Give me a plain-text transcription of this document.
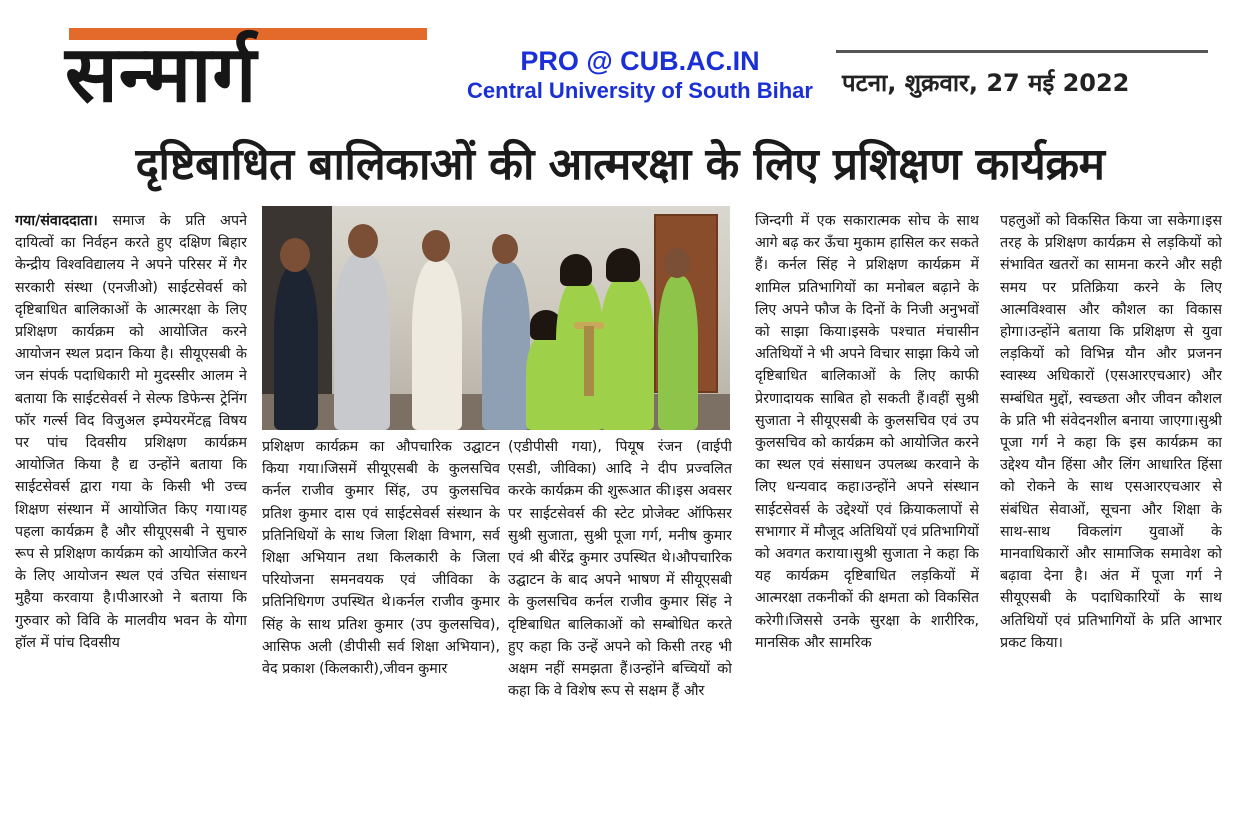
सन्मार्ग	PRO @ CUB.AC.IN
Central University of South Bihar	पटना, शुक्रवार, 27 मई 2022
दृष्टिबाधित बालिकाओं की आत्मरक्षा के लिए प्रशिक्षण कार्यक्रम

गया/संवाददाता। समाज के प्रति अपने दायित्वों का निर्वहन करते हुए दक्षिण बिहार केन्द्रीय विश्वविद्यालय ने अपने परिसर में गैर सरकारी संस्था (एनजीओ) साईटसेवर्स को दृष्टिबाधित बालिकाओं के आत्मरक्षा के लिए प्रशिक्षण कार्यक्रम को आयोजित करने आयोजन स्थल प्रदान किया है। सीयूएसबी के जन संपर्क पदाधिकारी मो मुदस्सीर आलम ने बताया कि साईटसेवर्स ने सेल्फ डिफेन्स ट्रेनिंग फॉर गर्ल्स विद विजुअल इम्पेयरमेंटह्व विषय पर पांच दिवसीय प्रशिक्षण कार्यक्रम आयोजित किया है द्य उन्होंने बताया कि साईटसेवर्स द्वारा गया के किसी भी उच्च शिक्षण संस्थान में आयोजित किए गया।यह पहला कार्यक्रम है और सीयूएसबी ने सुचारु रूप से प्रशिक्षण कार्यक्रम को आयोजित करने के लिए आयोजन स्थल एवं उचित संसाधन मुहैया करवाया है।पीआरओ ने बताया कि गुरुवार को विवि के मालवीय भवन के योगा हॉल में पांच दिवसीय

प्रशिक्षण कार्यक्रम का औपचारिक उद्घाटन किया गया।जिसमें सीयूएसबी के कुलसचिव कर्नल राजीव कुमार सिंह, उप कुलसचिव प्रतिश कुमार दास एवं साईटसेवर्स संस्थान के प्रतिनिधियों के साथ जिला शिक्षा विभाग, सर्व शिक्षा अभियान तथा किलकारी के जिला परियोजना समनवयक एवं जीविका के प्रतिनिधिगण उपस्थित थे।कर्नल राजीव कुमार सिंह के साथ प्रतिश कुमार (उप कुलसचिव), आसिफ अली (डीपीसी सर्व शिक्षा अभियान), वेद प्रकाश (किलकारी),जीवन कुमार

(एडीपीसी गया), पियूष रंजन (वाईपी एसडी, जीविका) आदि ने दीप प्रज्वलित करके कार्यक्रम की शुरूआत की।इस अवसर पर साईटसेवर्स की स्टेट प्रोजेक्ट ऑफिसर सुश्री सुजाता, सुश्री पूजा गर्ग, मनीष कुमार एवं श्री बीरेंद्र कुमार उपस्थित थे।औपचारिक उद्घाटन के बाद अपने भाषण में सीयूएसबी के कुलसचिव कर्नल राजीव कुमार सिंह ने दृष्टिबाधित बालिकाओं को सम्बोधित करते हुए कहा कि उन्हें अपने को किसी तरह भी अक्षम नहीं समझता हैं।उन्होंने बच्चियों को कहा कि वे विशेष रूप से सक्षम हैं और

जिन्दगी में एक सकारात्मक सोच के साथ आगे बढ़ कर ऊँचा मुकाम हासिल कर सकते हैं। कर्नल सिंह ने प्रशिक्षण कार्यक्रम में शामिल प्रतिभागियों का मनोबल बढ़ाने के लिए अपने फौज के दिनों के निजी अनुभवों को साझा किया।इसके पश्चात मंचासीन अतिथियों ने भी अपने विचार साझा किये जो दृष्टिबाधित बालिकाओं के लिए काफी प्रेरणादायक साबित हो सकती हैं।वहीं सुश्री सुजाता ने सीयूएसबी के कुलसचिव एवं उप कुलसचिव को कार्यक्रम को आयोजित करने का स्थल एवं संसाधन उपलब्ध करवाने के लिए धन्यवाद कहा।उन्होंने अपने संस्थान साईटसेवर्स के उद्देश्यों एवं क्रियाकलापों से सभागार में मौजूद अतिथियों एवं प्रतिभागियों को अवगत कराया।सुश्री सुजाता ने कहा कि यह कार्यक्रम दृष्टिबाधित लड़कियों में आत्मरक्षा तकनीकों की क्षमता को विकसित करेगी।जिससे उनके सुरक्षा के शारीरिक, मानसिक और सामरिक

पहलुओं को विकसित किया जा सकेगा।इस तरह के प्रशिक्षण कार्यक्रम से लड़कियों को संभावित खतरों का सामना करने और सही समय पर प्रतिक्रिया करने के लिए आत्मविश्वास और कौशल का विकास होगा।उन्होंने बताया कि प्रशिक्षण से युवा लड़कियों को विभिन्न यौन और प्रजनन स्वास्थ्य अधिकारों (एसआरएचआर) और सम्बंधित मुद्दों, स्वच्छता और जीवन कौशल के प्रति भी संवेदनशील बनाया जाएगा।सुश्री पूजा गर्ग ने कहा कि इस कार्यक्रम का उद्देश्य यौन हिंसा और लिंग आधारित हिंसा को रोकने के साथ एसआरएचआर से संबंधित सेवाओं, सूचना और शिक्षा के साथ-साथ विकलांग युवाओं के मानवाधिकारों और सामाजिक समावेश को बढ़ावा देना है। अंत में पूजा गर्ग ने सीयूएसबी के पदाधिकारियों के साथ अतिथियों एवं प्रतिभागियों के प्रति आभार प्रकट किया।
